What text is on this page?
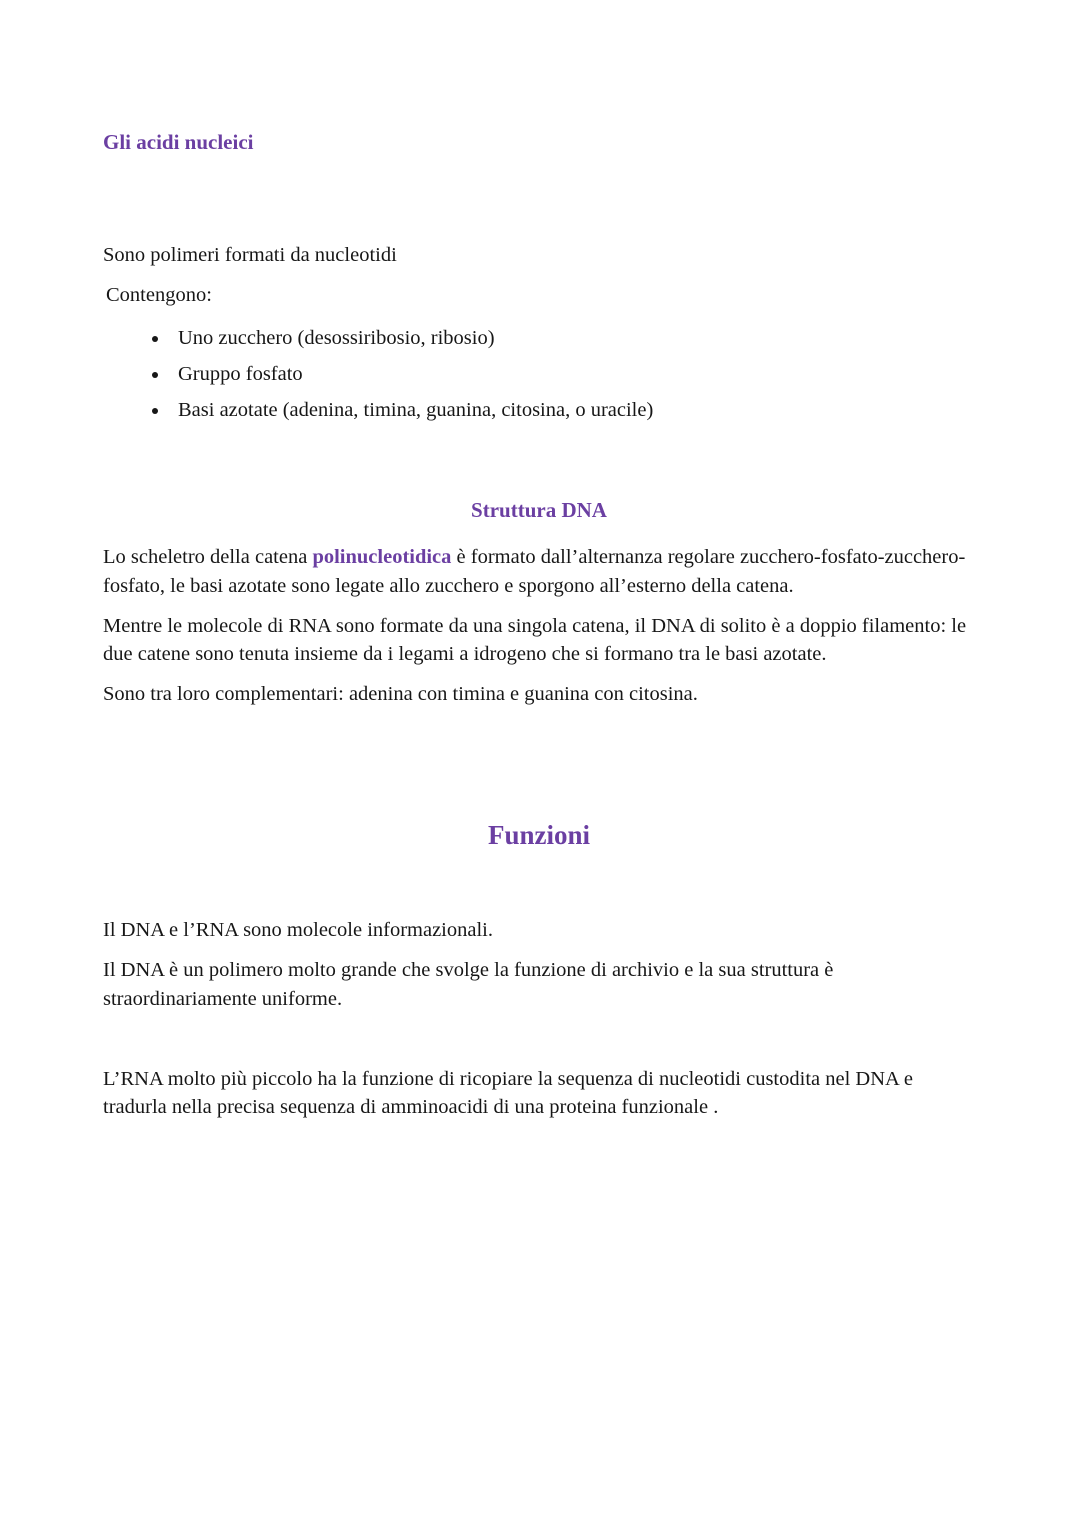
Gli acidi nucleici

Sono polimeri formati da nucleotidi

Contengono:

• Uno zucchero (desossiribosio, ribosio)
• Gruppo fosfato
• Basi azotate (adenina, timina, guanina, citosina, o uracile)
Struttura DNA

Lo scheletro della catena polinucleotidica è formato dall’alternanza regolare zucchero-fosfato-zucchero-fosfato, le basi azotate sono legate allo zucchero e sporgono all’esterno della catena.

Mentre le molecole di RNA sono formate da una singola catena, il DNA di solito è a doppio filamento: le due catene sono tenuta insieme da i legami a idrogeno che si formano tra le basi azotate.

Sono tra loro complementari: adenina con timina e guanina con citosina.

Funzioni

Il DNA e l’RNA sono molecole informazionali.

Il DNA è un polimero molto grande che svolge la funzione di archivio e la sua struttura è straordinariamente uniforme.

L’RNA molto più piccolo ha la funzione di ricopiare la sequenza di nucleotidi custodita nel DNA e tradurla nella precisa sequenza di amminoacidi di una proteina funzionale .
